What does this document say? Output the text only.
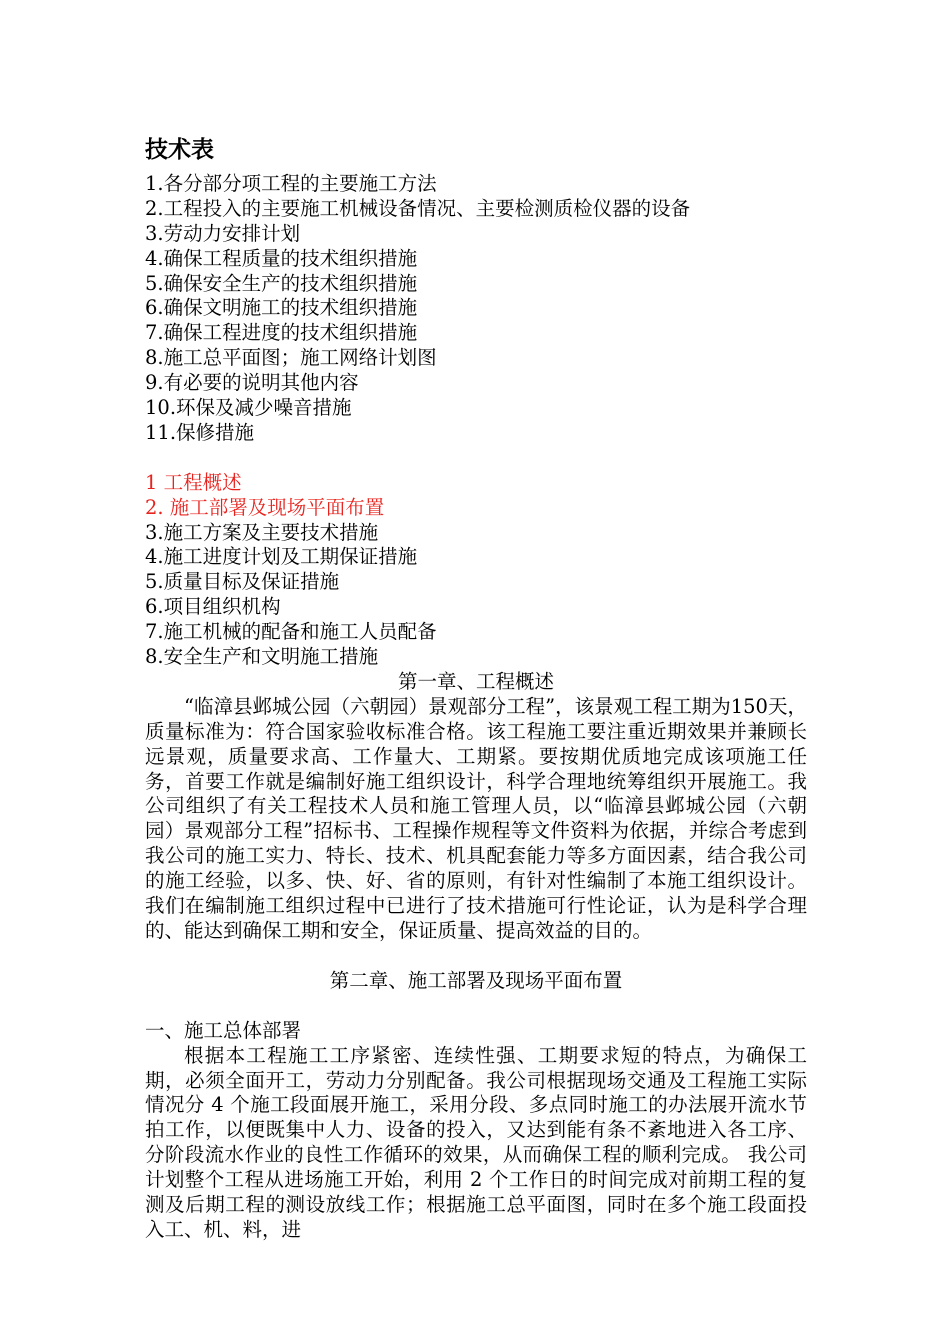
技术表
1.各分部分项工程的主要施工方法
2.工程投入的主要施工机械设备情况、主要检测质检仪器的设备
3.劳动力安排计划
4.确保工程质量的技术组织措施
5.确保安全生产的技术组织措施
6.确保文明施工的技术组织措施
7.确保工程进度的技术组织措施
8.施工总平面图；施工网络计划图
9.有必要的说明其他内容
10.环保及减少噪音措施
11.保修措施
1 工程概述
2. 施工部署及现场平面布置
3.施工方案及主要技术措施
4.施工进度计划及工期保证措施
5.质量目标及保证措施
6.项目组织机构
7.施工机械的配备和施工人员配备
8.安全生产和文明施工措施
第一章、工程概述

“临漳县邺城公园（六朝园）景观部分工程”，该景观工程工期为150天，质量标准为：符合国家验收标准合格。该工程施工要注重近期效果并兼顾长远景观，质量要求高、工作量大、工期紧。要按期优质地完成该项施工任务，首要工作就是编制好施工组织设计，科学合理地统筹组织开展施工。我公司组织了有关工程技术人员和施工管理人员，以“临漳县邺城公园（六朝园）景观部分工程”招标书、工程操作规程等文件资料为依据，并综合考虑到我公司的施工实力、特长、技术、机具配套能力等多方面因素，结合我公司的施工经验，以多、快、好、省的原则，有针对性编制了本施工组织设计。我们在编制施工组织过程中已进行了技术措施可行性论证，认为是科学合理的、能达到确保工期和安全，保证质量、提高效益的目的。

第二章、施工部署及现场平面布置
一、施工总体部署

根据本工程施工工序紧密、连续性强、工期要求短的特点，为确保工期，必须全面开工，劳动力分别配备。我公司根据现场交通及工程施工实际情况分 4 个施工段面展开施工，采用分段、多点同时施工的办法展开流水节拍工作，以便既集中人力、设备的投入，又达到能有条不紊地进入各工序、分阶段流水作业的良性工作循环的效果，从而确保工程的顺利完成。 我公司计划整个工程从进场施工开始，利用 2 个工作日的时间完成对前期工程的复测及后期工程的测设放线工作；根据施工总平面图，同时在多个施工段面投入工、机、料，进
